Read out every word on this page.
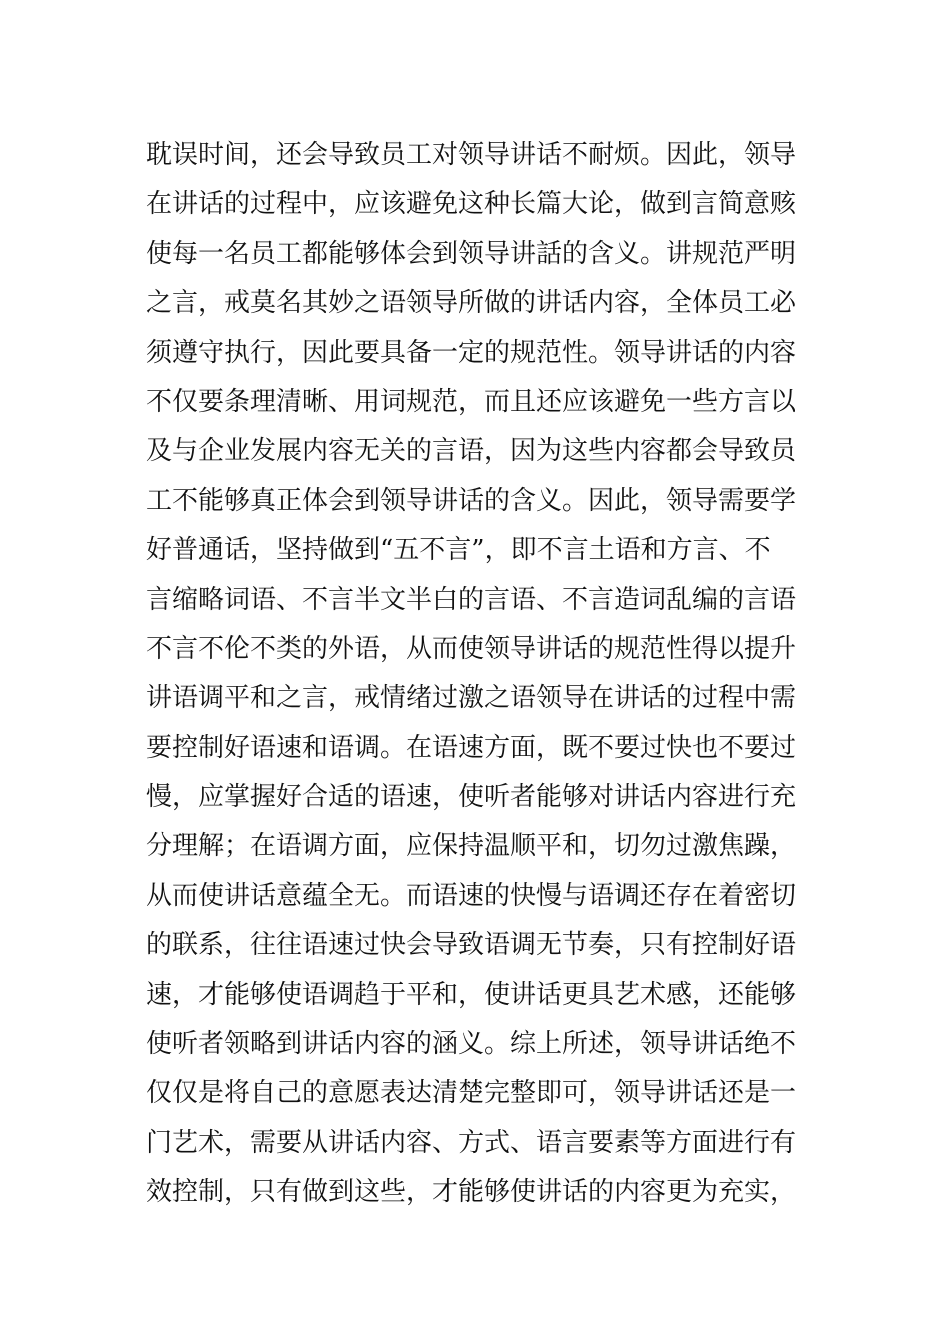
耽误时间，还会导致员工对领导讲话不耐烦。因此，领导
在讲话的过程中，应该避免这种长篇大论，做到言简意赅
使每一名员工都能够体会到领导讲話的含义。讲规范严明
之言，戒莫名其妙之语领导所做的讲话内容，全体员工必
须遵守执行，因此要具备一定的规范性。领导讲话的内容
不仅要条理清晰、用词规范，而且还应该避免一些方言以
及与企业发展内容无关的言语，因为这些内容都会导致员
工不能够真正体会到领导讲话的含义。因此，领导需要学
好普通话，坚持做到“五不言”，即不言土语和方言、不
言缩略词语、不言半文半白的言语、不言造词乱编的言语
不言不伦不类的外语，从而使领导讲话的规范性得以提升
讲语调平和之言，戒情绪过激之语领导在讲话的过程中需
要控制好语速和语调。在语速方面，既不要过快也不要过
慢，应掌握好合适的语速，使听者能够对讲话内容进行充
分理解；在语调方面，应保持温顺平和，切勿过激焦躁，
从而使讲话意蕴全无。而语速的快慢与语调还存在着密切
的联系，往往语速过快会导致语调无节奏，只有控制好语
速，才能够使语调趋于平和，使讲话更具艺术感，还能够
使听者领略到讲话内容的涵义。综上所述，领导讲话绝不
仅仅是将自己的意愿表达清楚完整即可，领导讲话还是一
门艺术，需要从讲话内容、方式、语言要素等方面进行有
效控制，只有做到这些，才能够使讲话的内容更为充实，
